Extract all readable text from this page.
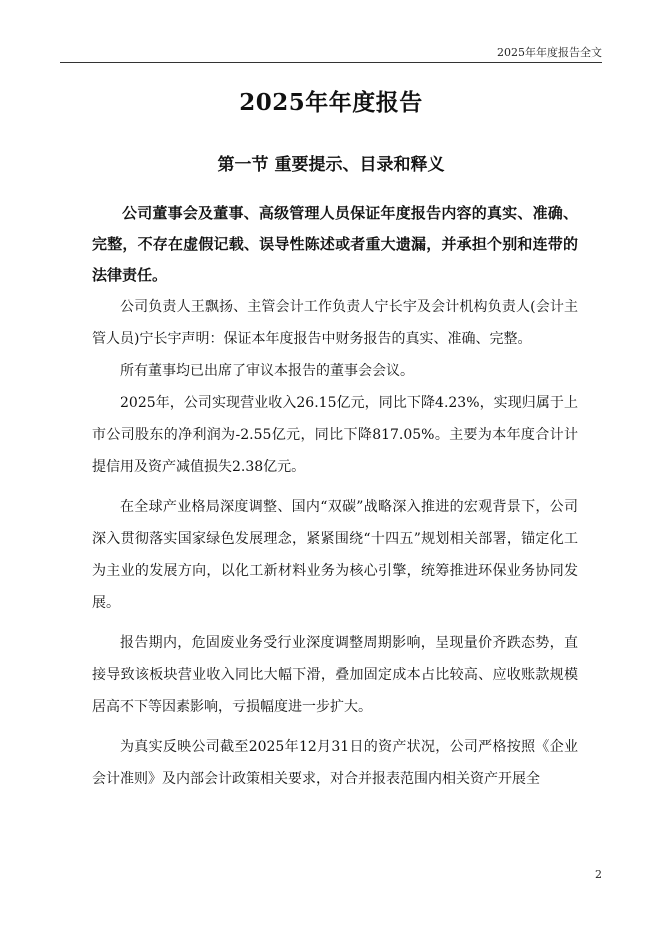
2025年年度报告全文
2025年年度报告
第一节 重要提示、目录和释义

公司董事会及董事、高级管理人员保证年度报告内容的真实、准确、完整，不存在虚假记载、误导性陈述或者重大遗漏，并承担个别和连带的法律责任。

公司负责人王飘扬、主管会计工作负责人宁长宇及会计机构负责人(会计主管人员)宁长宇声明：保证本年度报告中财务报告的真实、准确、完整。

所有董事均已出席了审议本报告的董事会会议。

2025年，公司实现营业收入26.15亿元，同比下降4.23%，实现归属于上市公司股东的净利润为-2.55亿元，同比下降817.05%。主要为本年度合计计提信用及资产减值损失2.38亿元。

在全球产业格局深度调整、国内“双碳”战略深入推进的宏观背景下，公司深入贯彻落实国家绿色发展理念，紧紧围绕“十四五”规划相关部署，锚定化工为主业的发展方向，以化工新材料业务为核心引擎，统筹推进环保业务协同发展。

报告期内，危固废业务受行业深度调整周期影响，呈现量价齐跌态势，直接导致该板块营业收入同比大幅下滑，叠加固定成本占比较高、应收账款规模居高不下等因素影响，亏损幅度进一步扩大。

为真实反映公司截至2025年12月31日的资产状况，公司严格按照《企业会计准则》及内部会计政策相关要求，对合并报表范围内相关资产开展全

2
